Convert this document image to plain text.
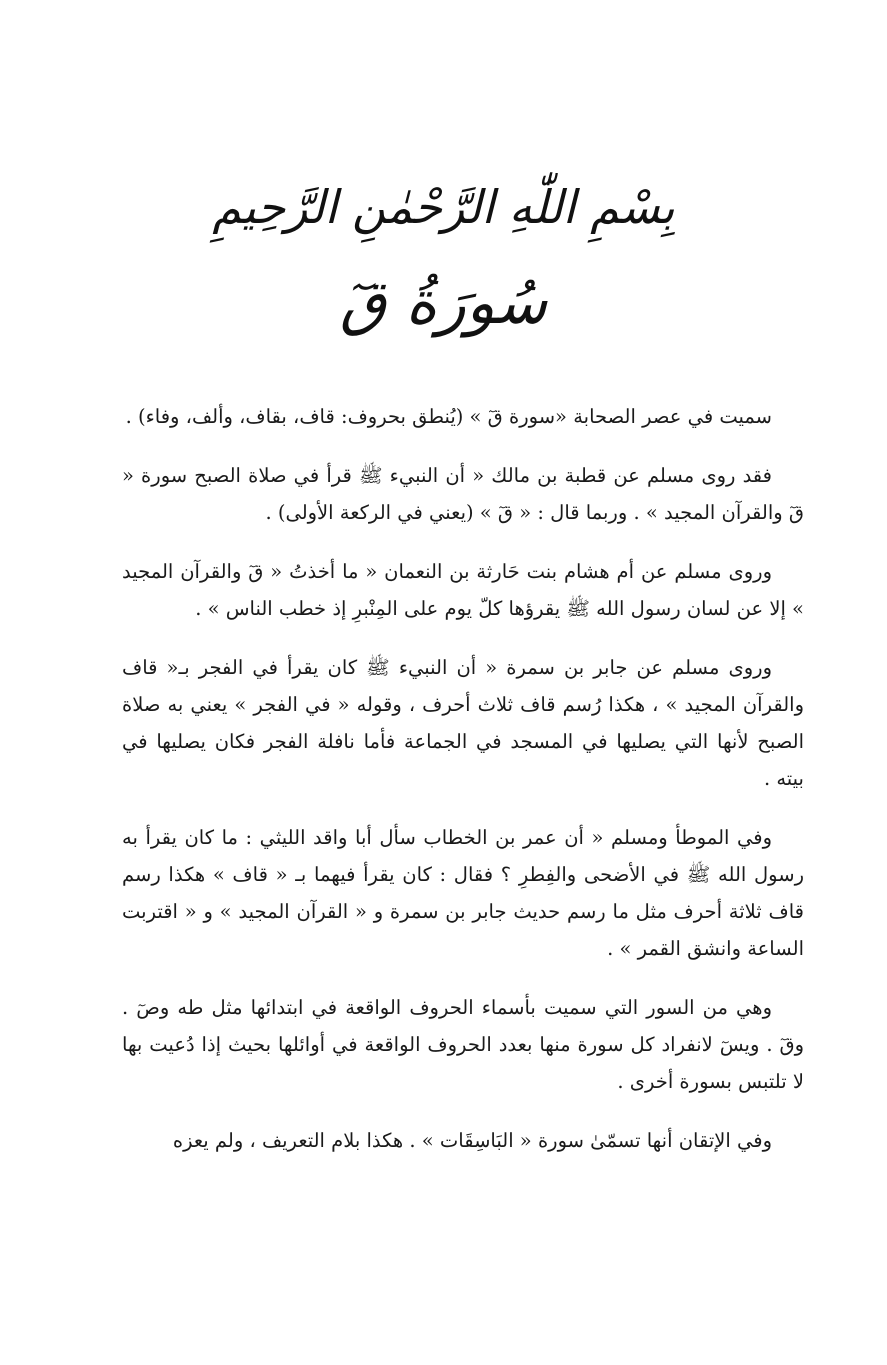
بِسْمِ اللّٰهِ الرَّحْمٰنِ الرَّحِيمِ
سُورَةُ قٓ

سميت في عصر الصحابة «سورة قٓ » (يُنطق بحروف: قاف، بقاف، وألف، وفاء) .

فقد روى مسلم عن قطبة بن مالك « أن النبيء ﷺ قرأ في صلاة الصبح سورة « قٓ والقرآن المجيد » . وربما قال : « قٓ » (يعني في الركعة الأولى) .

وروى مسلم عن أم هشام بنت حَارثة بن النعمان « ما أخذتُ « قٓ والقرآن المجيد » إلا عن لسان رسول الله ﷺ يقرؤها كلّ يوم على المِنْبرِ إذ خطب الناس » .

وروى مسلم عن جابر بن سمرة « أن النبيء ﷺ كان يقرأ في الفجر بـ« قاف والقرآن المجيد » ، هكذا رُسم قاف ثلاث أحرف ، وقوله « في الفجر » يعني به صلاة الصبح لأنها التي يصليها في المسجد في الجماعة فأما نافلة الفجر فكان يصليها في بيته .

وفي الموطأ ومسلم « أن عمر بن الخطاب سأل أبا واقد الليثي : ما كان يقرأ به رسول الله ﷺ في الأضحى والفِطرِ ؟ فقال : كان يقرأ فيهما بـ « قاف » هكذا رسم قاف ثلاثة أحرف مثل ما رسم حديث جابر بن سمرة و « القرآن المجيد » و « اقتربت الساعة وانشق القمر » .

وهي من السور التي سميت بأسماء الحروف الواقعة في ابتدائها مثل طه وصٓ . وقٓ . ويسٓ لانفراد كل سورة منها بعدد الحروف الواقعة في أوائلها بحيث إذا دُعيت بها لا تلتبس بسورة أخرى .

وفي الإتقان أنها تسمّىٰ سورة « البَاسِقَات » . هكذا بلام التعريف ، ولم يعزه
